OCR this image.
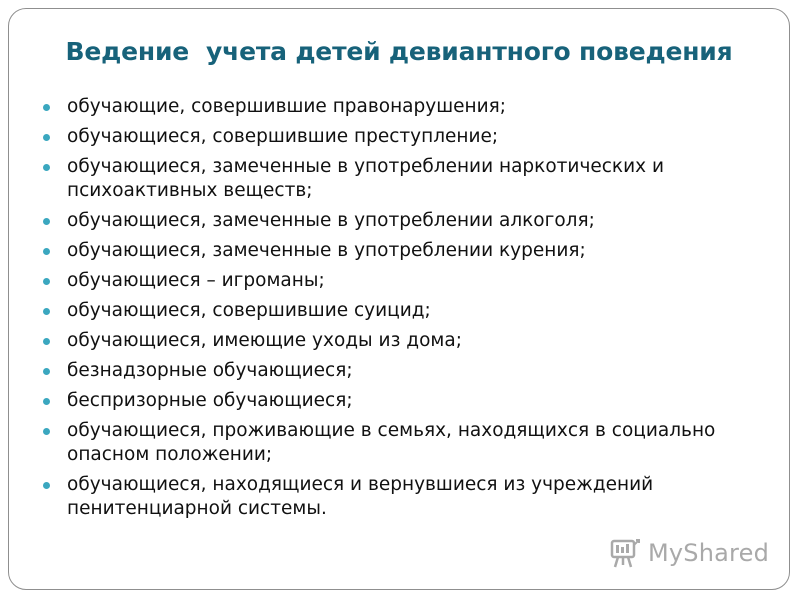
Ведение  учета детей девиантного поведения
обучающие, совершившие правонарушения;
обучающиеся, совершившие преступление;
обучающиеся, замеченные в употреблении наркотических и психоактивных веществ;
обучающиеся, замеченные в употреблении алкоголя;
обучающиеся, замеченные в употреблении курения;
обучающиеся – игроманы;
обучающиеся, совершившие суицид;
обучающиеся, имеющие уходы из дома;
безнадзорные обучающиеся;
беспризорные обучающиеся;
обучающиеся, проживающие в семьях, находящихся в социально опасном положении;
обучающиеся, находящиеся и вернувшиеся из учреждений пенитенциарной системы.
MyShared
